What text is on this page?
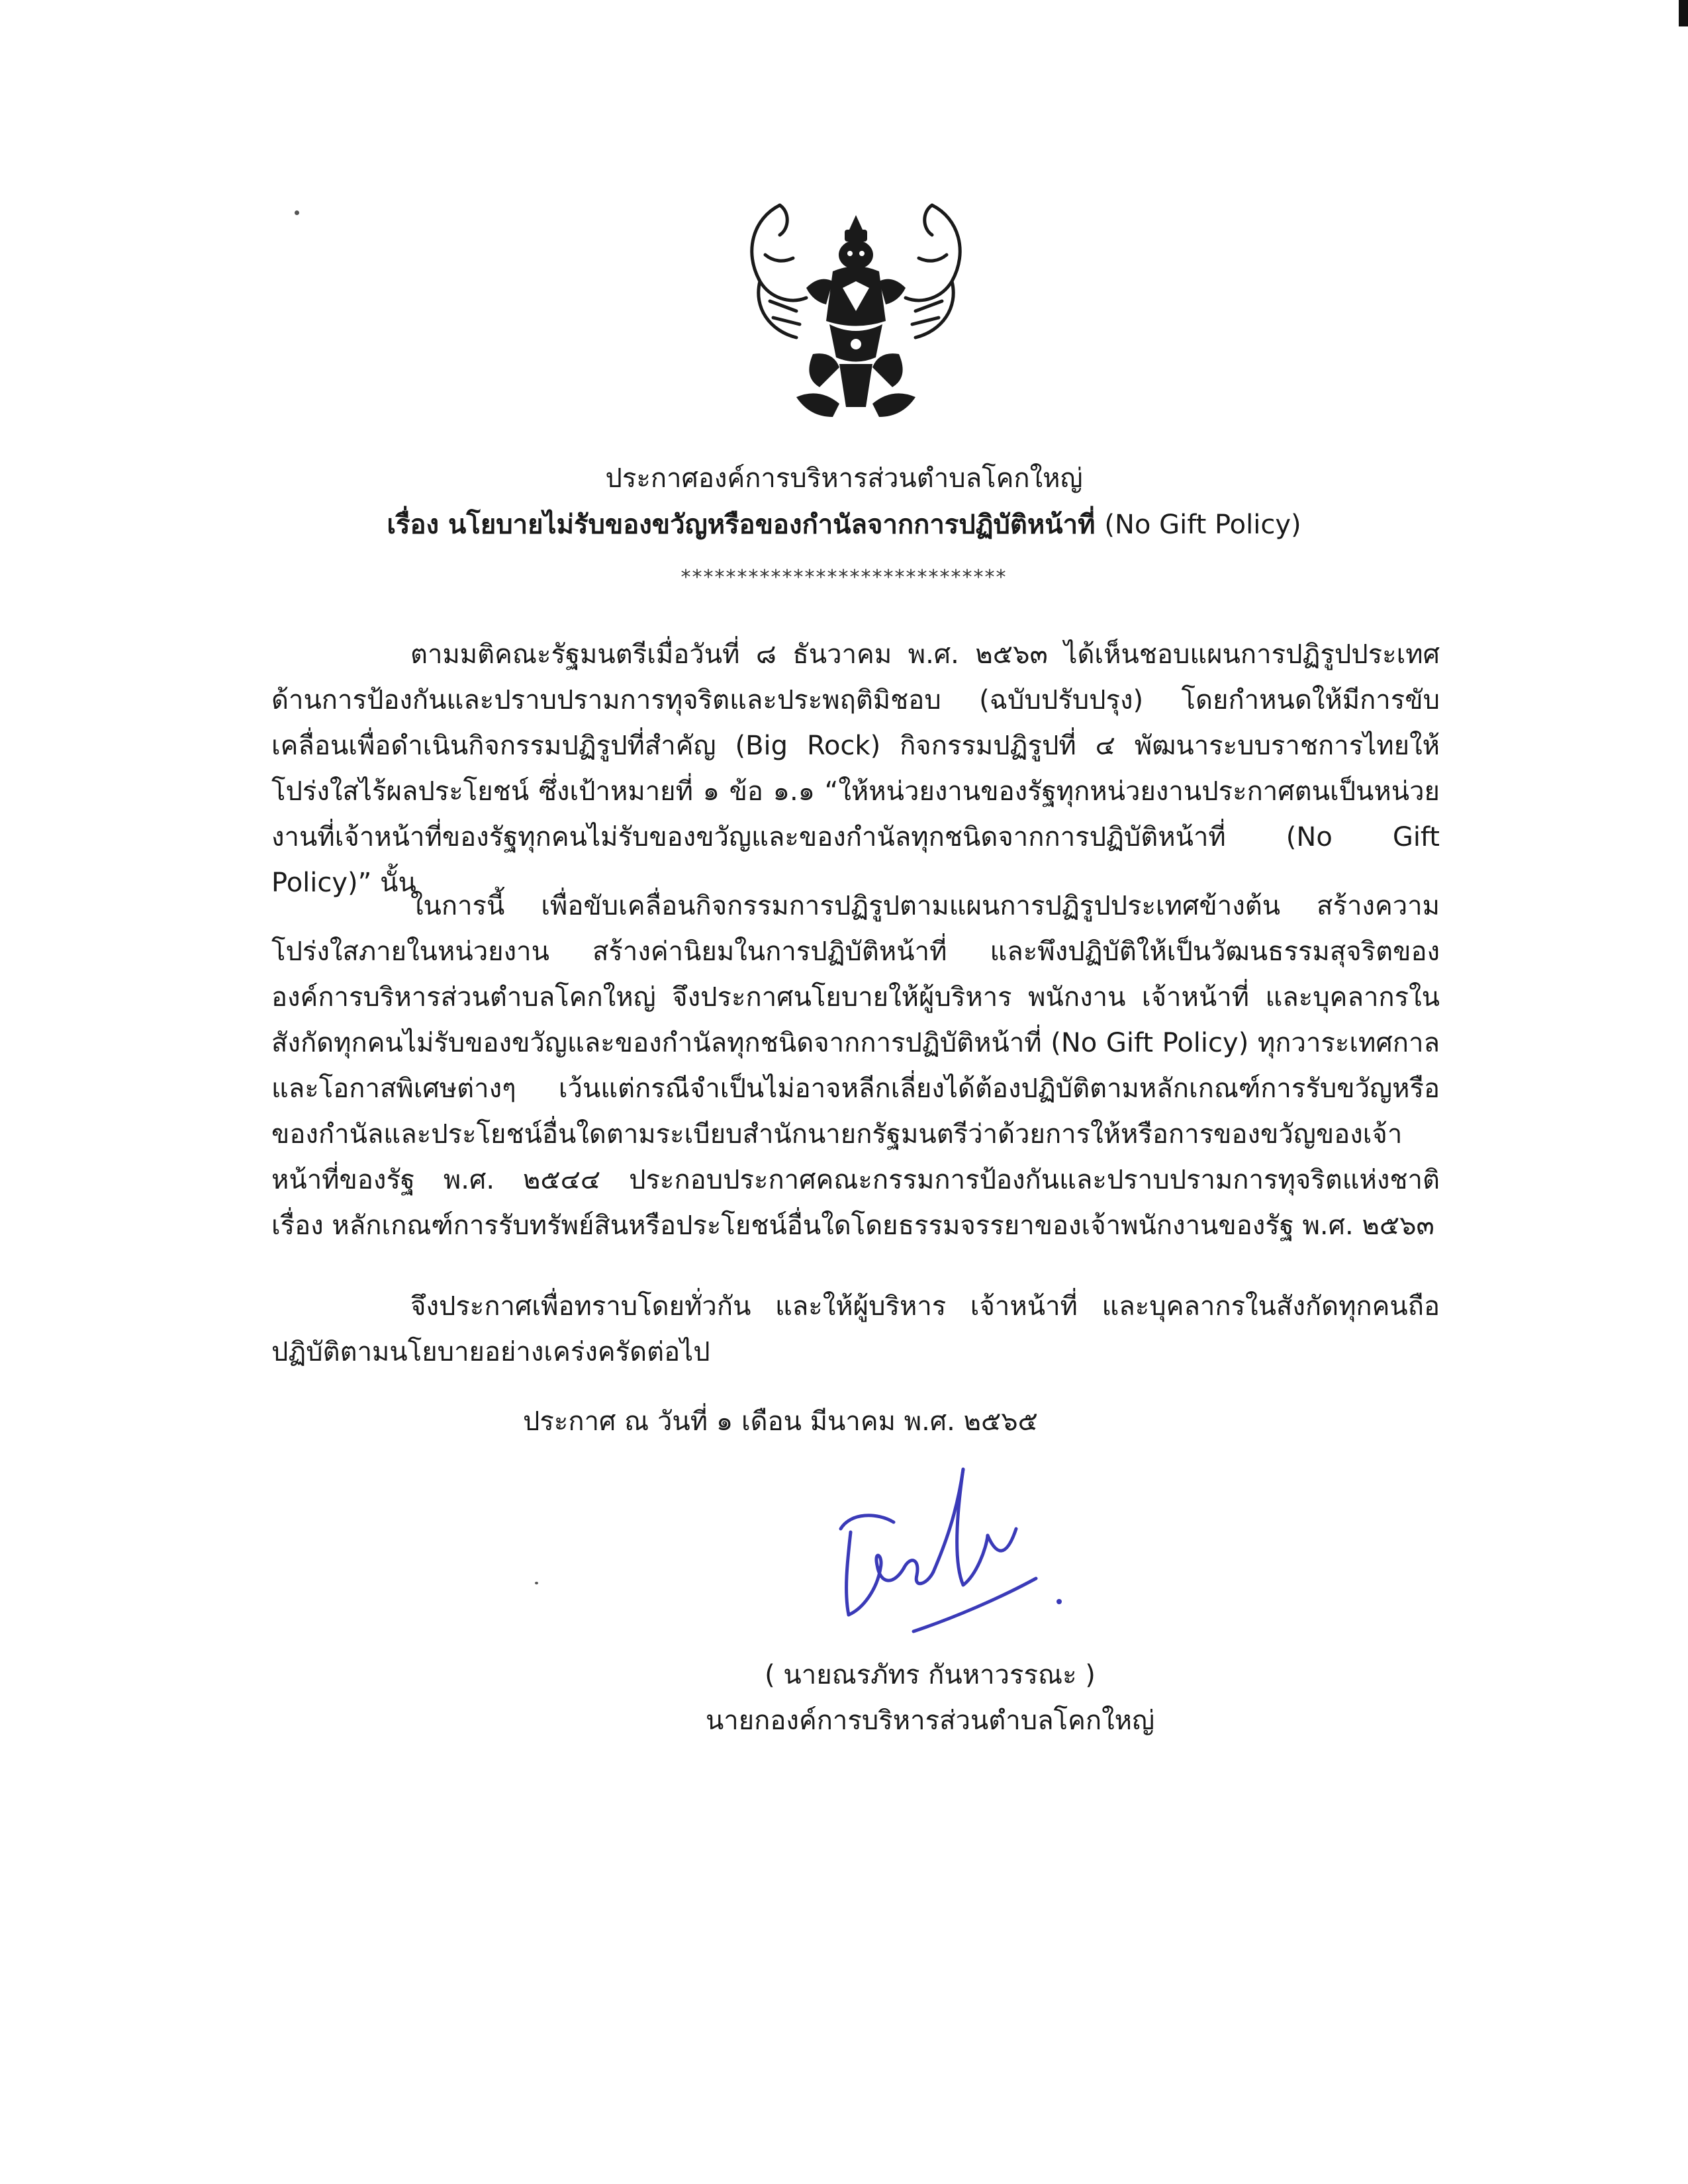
ประกาศองค์การบริหารส่วนตำบลโคกใหญ่
เรื่อง นโยบายไม่รับของขวัญหรือของกำนัลจากการปฏิบัติหน้าที่ (No Gift Policy)
*****************************

ตามมติคณะรัฐมนตรีเมื่อวันที่ ๘ ธันวาคม พ.ศ. ๒๕๖๓ ได้เห็นชอบแผนการปฏิรูปประเทศด้านการป้องกันและปราบปรามการทุจริตและประพฤติมิชอบ (ฉบับปรับปรุง) โดยกำหนดให้มีการขับเคลื่อนเพื่อดำเนินกิจกรรมปฏิรูปที่สำคัญ (Big Rock) กิจกรรมปฏิรูปที่ ๔ พัฒนาระบบราชการไทยให้โปร่งใสไร้ผลประโยชน์ ซึ่งเป้าหมายที่ ๑ ข้อ ๑.๑ “ให้หน่วยงานของรัฐทุกหน่วยงานประกาศตนเป็นหน่วยงานที่เจ้าหน้าที่ของรัฐทุกคนไม่รับของขวัญและของกำนัลทุกชนิดจากการปฏิบัติหน้าที่ (No Gift Policy)” นั้น

ในการนี้ เพื่อขับเคลื่อนกิจกรรมการปฏิรูปตามแผนการปฏิรูปประเทศข้างต้น สร้างความโปร่งใสภายในหน่วยงาน สร้างค่านิยมในการปฏิบัติหน้าที่ และพึงปฏิบัติให้เป็นวัฒนธรรมสุจริตขององค์การบริหารส่วนตำบลโคกใหญ่ จึงประกาศนโยบายให้ผู้บริหาร พนักงาน เจ้าหน้าที่ และบุคลากรในสังกัดทุกคนไม่รับของขวัญและของกำนัลทุกชนิดจากการปฏิบัติหน้าที่ (No Gift Policy) ทุกวาระเทศกาลและโอกาสพิเศษต่างๆ เว้นแต่กรณีจำเป็นไม่อาจหลีกเลี่ยงได้ต้องปฏิบัติตามหลักเกณฑ์การรับขวัญหรือของกำนัลและประโยชน์อื่นใดตามระเบียบสำนักนายกรัฐมนตรีว่าด้วยการให้หรือการของขวัญของเจ้าหน้าที่ของรัฐ พ.ศ. ๒๕๔๔ ประกอบประกาศคณะกรรมการป้องกันและปราบปรามการทุจริตแห่งชาติ เรื่อง หลักเกณฑ์การรับทรัพย์สินหรือประโยชน์อื่นใดโดยธรรมจรรยาของเจ้าพนักงานของรัฐ พ.ศ. ๒๕๖๓

จึงประกาศเพื่อทราบโดยทั่วกัน และให้ผู้บริหาร เจ้าหน้าที่ และบุคลากรในสังกัดทุกคนถือปฏิบัติตามนโยบายอย่างเคร่งครัดต่อไป

ประกาศ ณ วันที่ ๑ เดือน มีนาคม พ.ศ. ๒๕๖๕

( นายณรภัทร กันหาวรรณะ )

นายกองค์การบริหารส่วนตำบลโคกใหญ่
